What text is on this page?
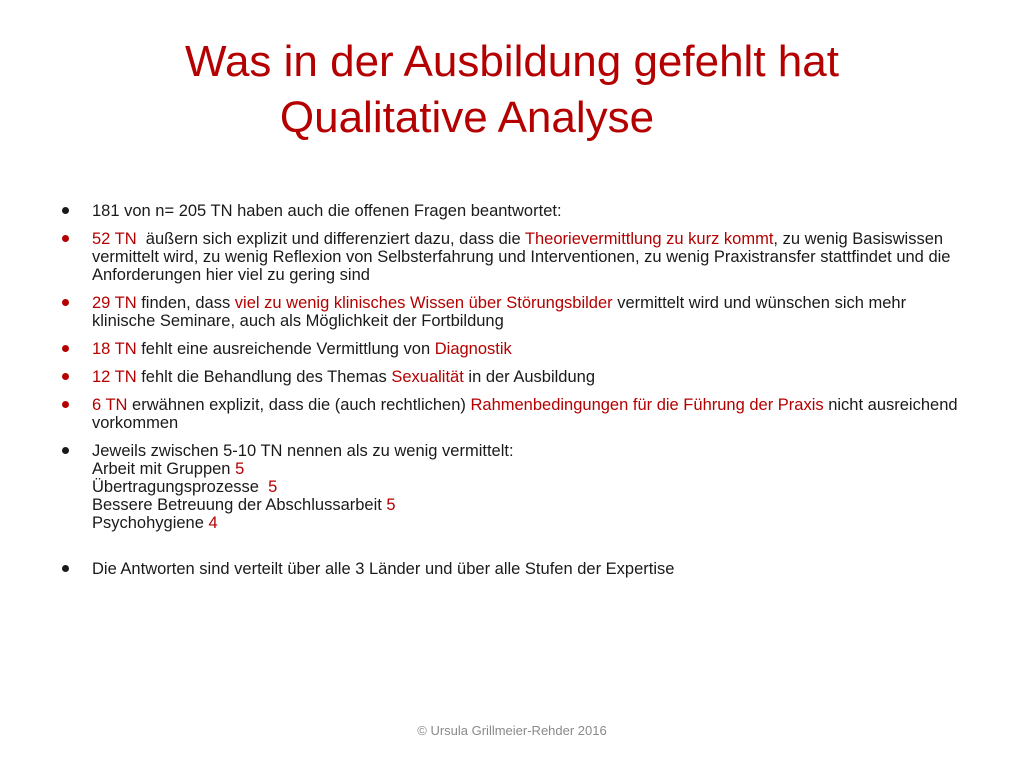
Was in der Ausbildung gefehlt hat

Qualitative Analyse
181 von n= 205 TN haben auch die offenen Fragen beantwortet:
52 TN  äußern sich explizit und differenziert dazu, dass die Theorievermittlung zu kurz kommt, zu wenig Basiswissen vermittelt wird, zu wenig Reflexion von Selbsterfahrung und Interventionen, zu wenig Praxistransfer stattfindet und die Anforderungen hier viel zu gering sind
29 TN finden, dass viel zu wenig klinisches Wissen über Störungsbilder vermittelt wird und wünschen sich mehr klinische Seminare, auch als Möglichkeit der Fortbildung
18 TN fehlt eine ausreichende Vermittlung von Diagnostik
12 TN fehlt die Behandlung des Themas Sexualität in der Ausbildung
6 TN erwähnen explizit, dass die (auch rechtlichen) Rahmenbedingungen für die Führung der Praxis nicht ausreichend vorkommen
Jeweils zwischen 5-10 TN nennen als zu wenig vermittelt:
Arbeit mit Gruppen 5
Übertragungsprozesse  5
Bessere Betreuung der Abschlussarbeit 5
Psychohygiene 4
Die Antworten sind verteilt über alle 3 Länder und über alle Stufen der Expertise
© Ursula Grillmeier-Rehder 2016
